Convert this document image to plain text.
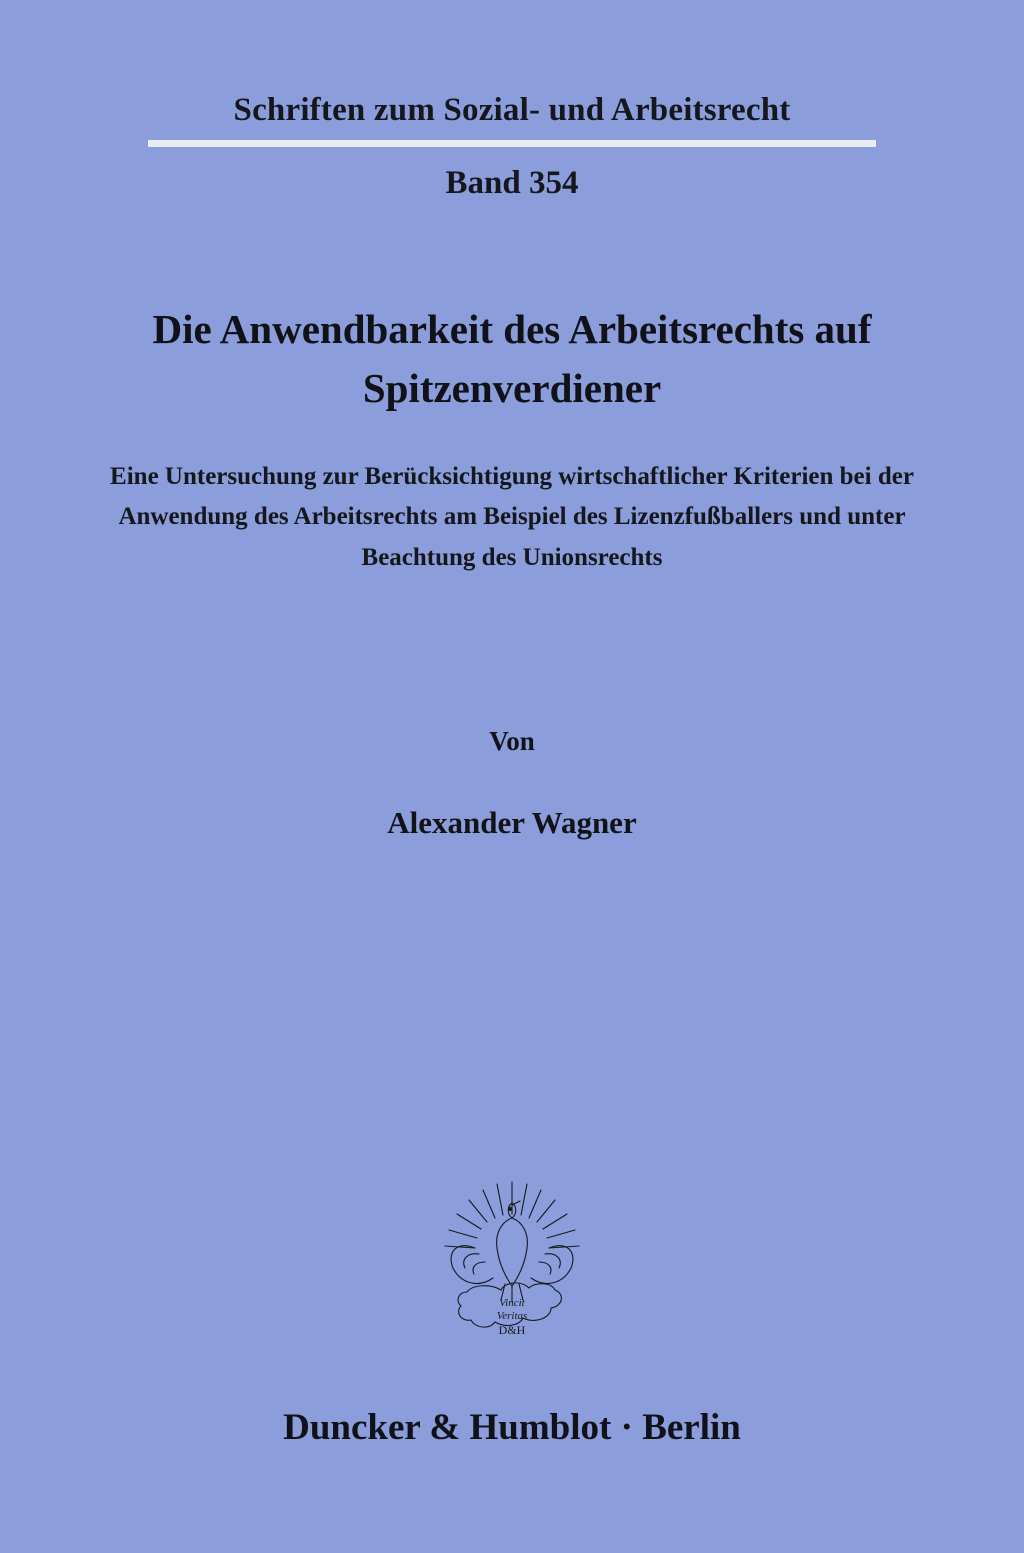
Schriften zum Sozial- und Arbeitsrecht
Band 354
Die Anwendbarkeit des Arbeitsrechts auf Spitzenverdiener
Eine Untersuchung zur Berücksichtigung wirtschaftlicher Kriterien bei der Anwendung des Arbeitsrechts am Beispiel des Lizenzfußballers und unter Beachtung des Unionsrechts
Von
Alexander Wagner
Vincit
Veritas
D&H
Duncker & Humblot · Berlin
